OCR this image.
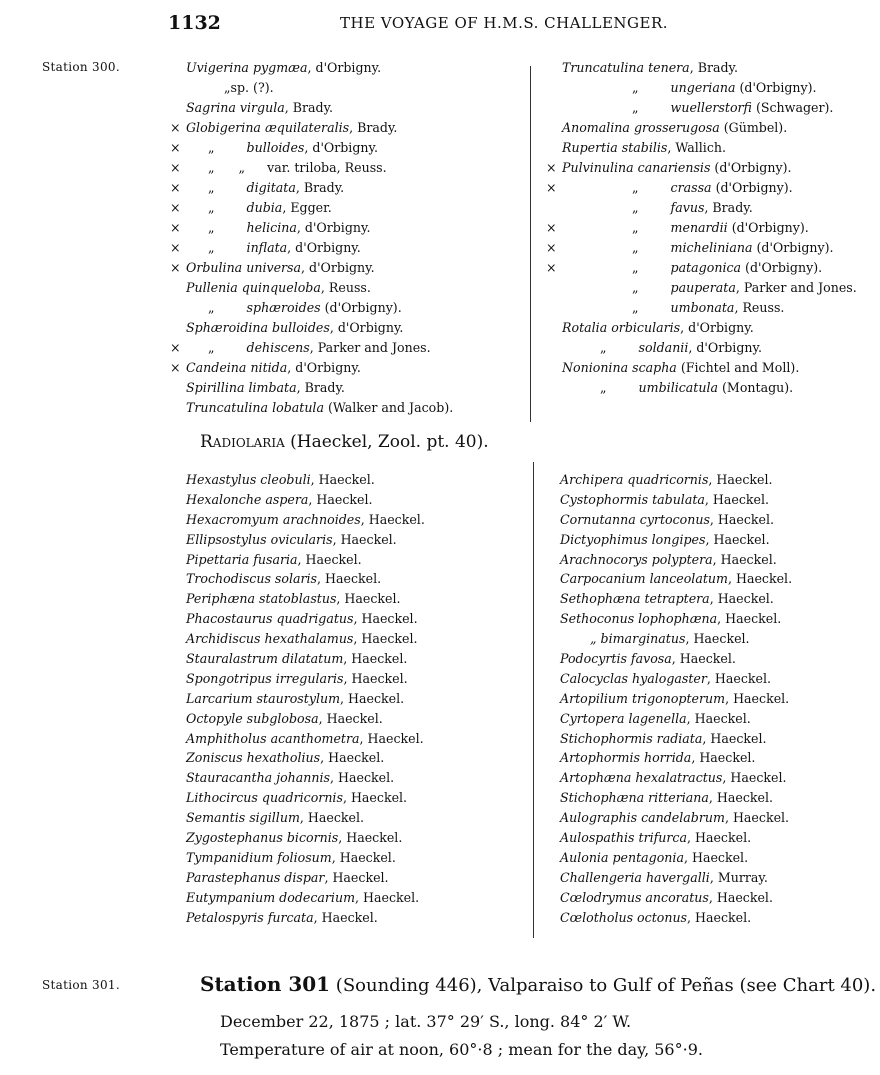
1132	THE VOYAGE OF H.M.S. CHALLENGER.
Station 300.	Uvigerina pygmæa, d'Orbigny.
„sp. (?).
Sagrina virgula, Brady.
× Globigerina æquilateralis, Brady.
× „	bulloides, d'Orbigny.
× „ „ var. triloba, Reuss.
× „	digitata, Brady.
× „	dubia, Egger.
× „	helicina, d'Orbigny.
× „	inflata, d'Orbigny.
× Orbulina universa, d'Orbigny.
Pullenia quinqueloba, Reuss.
„	sphæroides (d'Orbigny).
Sphæroidina bulloides, d'Orbigny.
× „	dehiscens, Parker and Jones.
× Candeina nitida, d'Orbigny.
Spirillina limbata, Brady.
Truncatulina lobatula (Walker and Jacob).
Truncatulina tenera, Brady.
„	ungeriana (d'Orbigny).
„	wuellerstorfi (Schwager).
Anomalina grosserugosa (Gümbel).
Rupertia stabilis, Wallich.
× Pulvinulina canariensis (d'Orbigny).
×	„	crassa (d'Orbigny).
„	favus, Brady.
×	„	menardii (d'Orbigny).
×	„	micheliniana (d'Orbigny).
×	„	patagonica (d'Orbigny).
„	pauperata, Parker and Jones.
„	umbonata, Reuss.
Rotalia orbicularis, d'Orbigny.
„	soldanii, d'Orbigny.
Nonionina scapha (Fichtel and Moll).
„	umbilicatula (Montagu).
Radiolaria (Haeckel, Zool. pt. 40).
Hexastylus cleobuli, Haeckel.
Hexalonche aspera, Haeckel.
Hexacromyum arachnoides, Haeckel.
Ellipsostylus ovicularis, Haeckel.
Pipettaria fusaria, Haeckel.
Trochodiscus solaris, Haeckel.
Periphæna statoblastus, Haeckel.
Phacostaurus quadrigatus, Haeckel.
Archidiscus hexathalamus, Haeckel.
Stauralastrum dilatatum, Haeckel.
Spongotripus irregularis, Haeckel.
Larcarium staurostylum, Haeckel.
Octopyle subglobosa, Haeckel.
Amphitholus acanthometra, Haeckel.
Zoniscus hexatholius, Haeckel.
Stauracantha johannis, Haeckel.
Lithocircus quadricornis, Haeckel.
Semantis sigillum, Haeckel.
Zygostephanus bicornis, Haeckel.
Tympanidium foliosum, Haeckel.
Parastephanus dispar, Haeckel.
Eutympanium dodecarium, Haeckel.
Petalospyris furcata, Haeckel.
Archipera quadricornis, Haeckel.
Cystophormis tabulata, Haeckel.
Cornutanna cyrtoconus, Haeckel.
Dictyophimus longipes, Haeckel.
Arachnocorys polyptera, Haeckel.
Carpocanium lanceolatum, Haeckel.
Sethophæna tetraptera, Haeckel.
Sethoconus lophophæna, Haeckel.
„ bimarginatus, Haeckel.
Podocyrtis favosa, Haeckel.
Calocyclas hyalogaster, Haeckel.
Artopilium trigonopterum, Haeckel.
Cyrtopera lagenella, Haeckel.
Stichophormis radiata, Haeckel.
Artophormis horrida, Haeckel.
Artophæna hexalatractus, Haeckel.
Stichophæna ritteriana, Haeckel.
Aulographis candelabrum, Haeckel.
Aulospathis trifurca, Haeckel.
Aulonia pentagonia, Haeckel.
Challengeria havergalli, Murray.
Cœlodrymus ancoratus, Haeckel.
Cœlotholus octonus, Haeckel.
Station 301.	Station 301 (Sounding 446), Valparaiso to Gulf of Peñas (see Chart 40).
December 22, 1875 ; lat. 37° 29′ S., long. 84° 2′ W.
Temperature of air at noon, 60°·8 ; mean for the day, 56°·9.
